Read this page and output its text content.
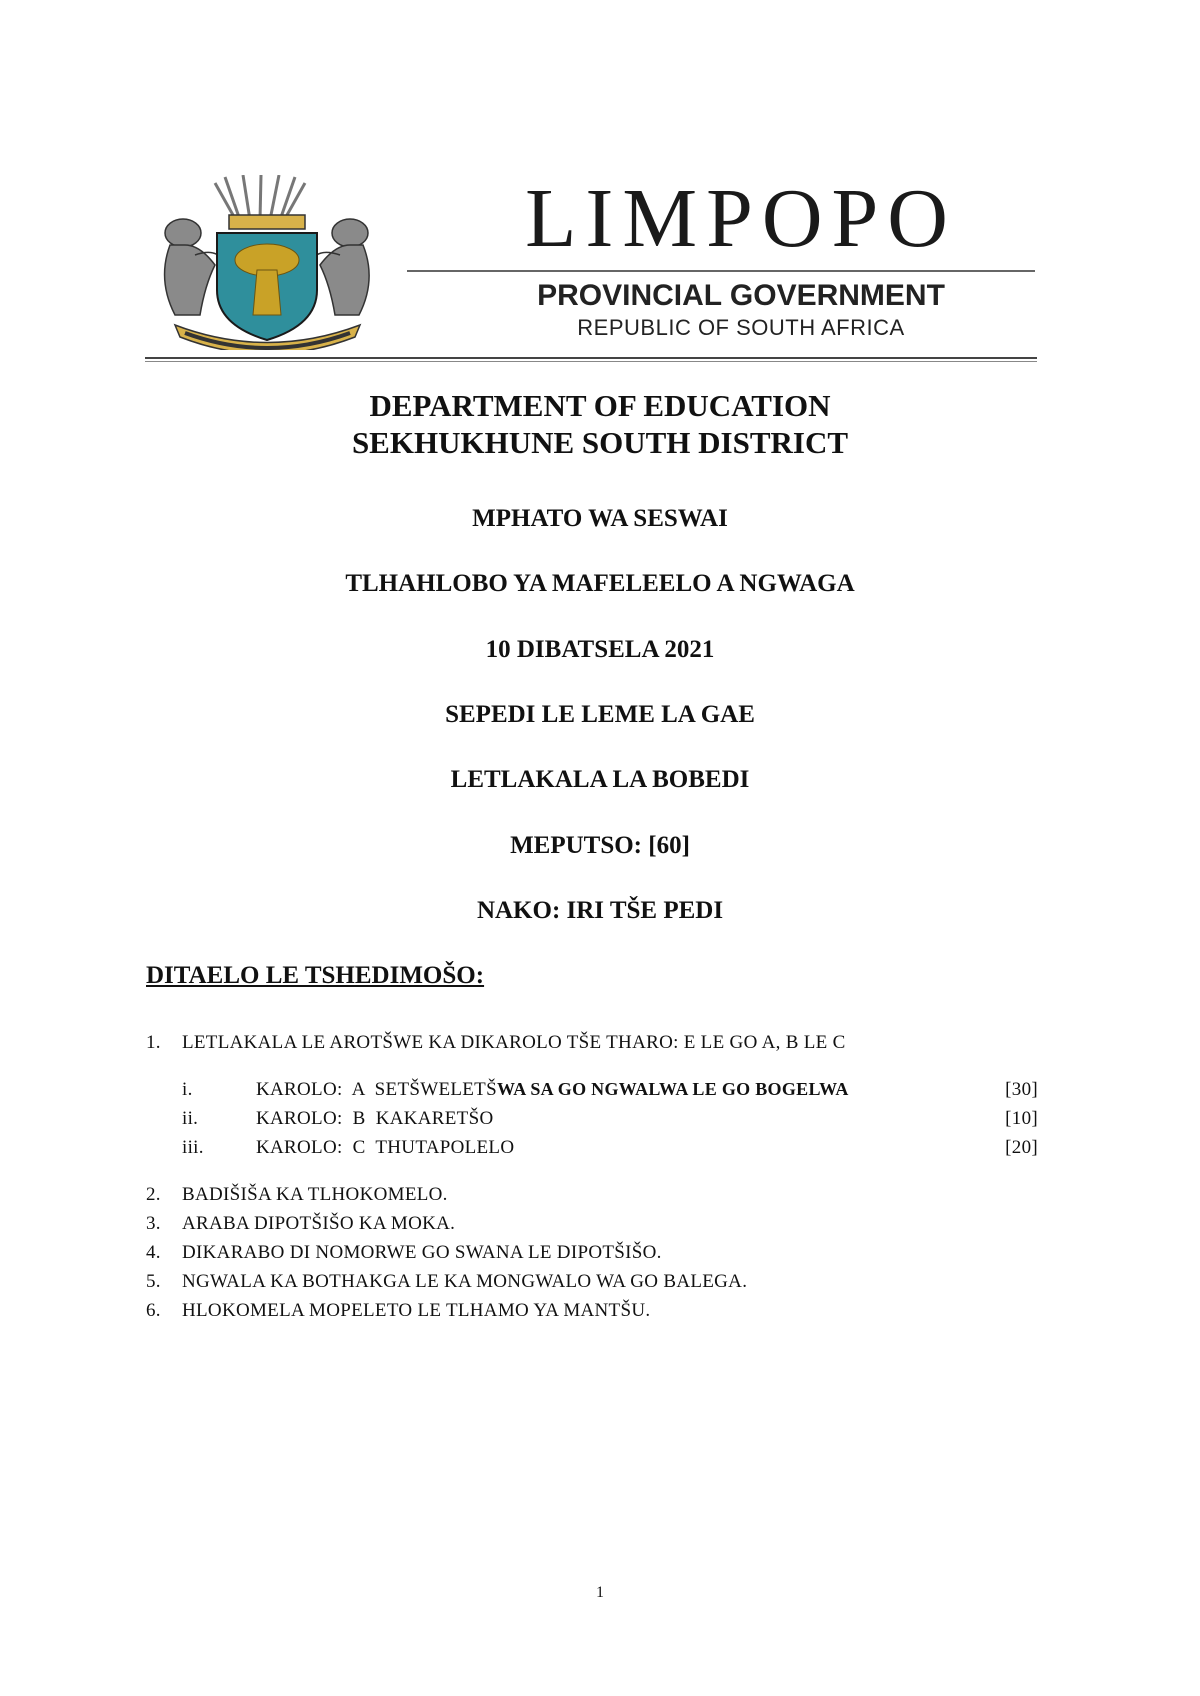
LIMPOPO
PROVINCIAL GOVERNMENT
REPUBLIC OF SOUTH AFRICA
DEPARTMENT OF EDUCATION
SEKHUKHUNE SOUTH DISTRICT
MPHATO WA SESWAI
TLHAHLOBO YA MAFELEELO A NGWAGA
10 DIBATSELA 2021
SEPEDI LE LEME LA GAE
LETLAKALA LA BOBEDI
MEPUTSO: [60]
NAKO: IRI TŠE PEDI
DITAELO LE TSHEDIMOŠO:
1. LETLAKALA LE AROTŠWE KA DIKAROLO TŠE THARO: E LE GO A, B LE C
i.	KAROLO:  A  SETŠWELETŠWA SA GO NGWALWA LE GO BOGELWA	[30]
ii.	KAROLO:  B  KAKARETŠO	[10]
iii.	KAROLO:  C  THUTAPOLELO	[20]
2. BADIŠIŠA KA TLHOKOMELO.
3. ARABA DIPOTŠIŠO KA MOKA.
4. DIKARABO DI NOMORWE GO SWANA LE DIPOTŠIŠO.
5. NGWALA KA BOTHAKGA LE KA MONGWALO WA GO BALEGA.
6. HLOKOMELA MOPELETO LE TLHAMO YA MANTŠU.
1
